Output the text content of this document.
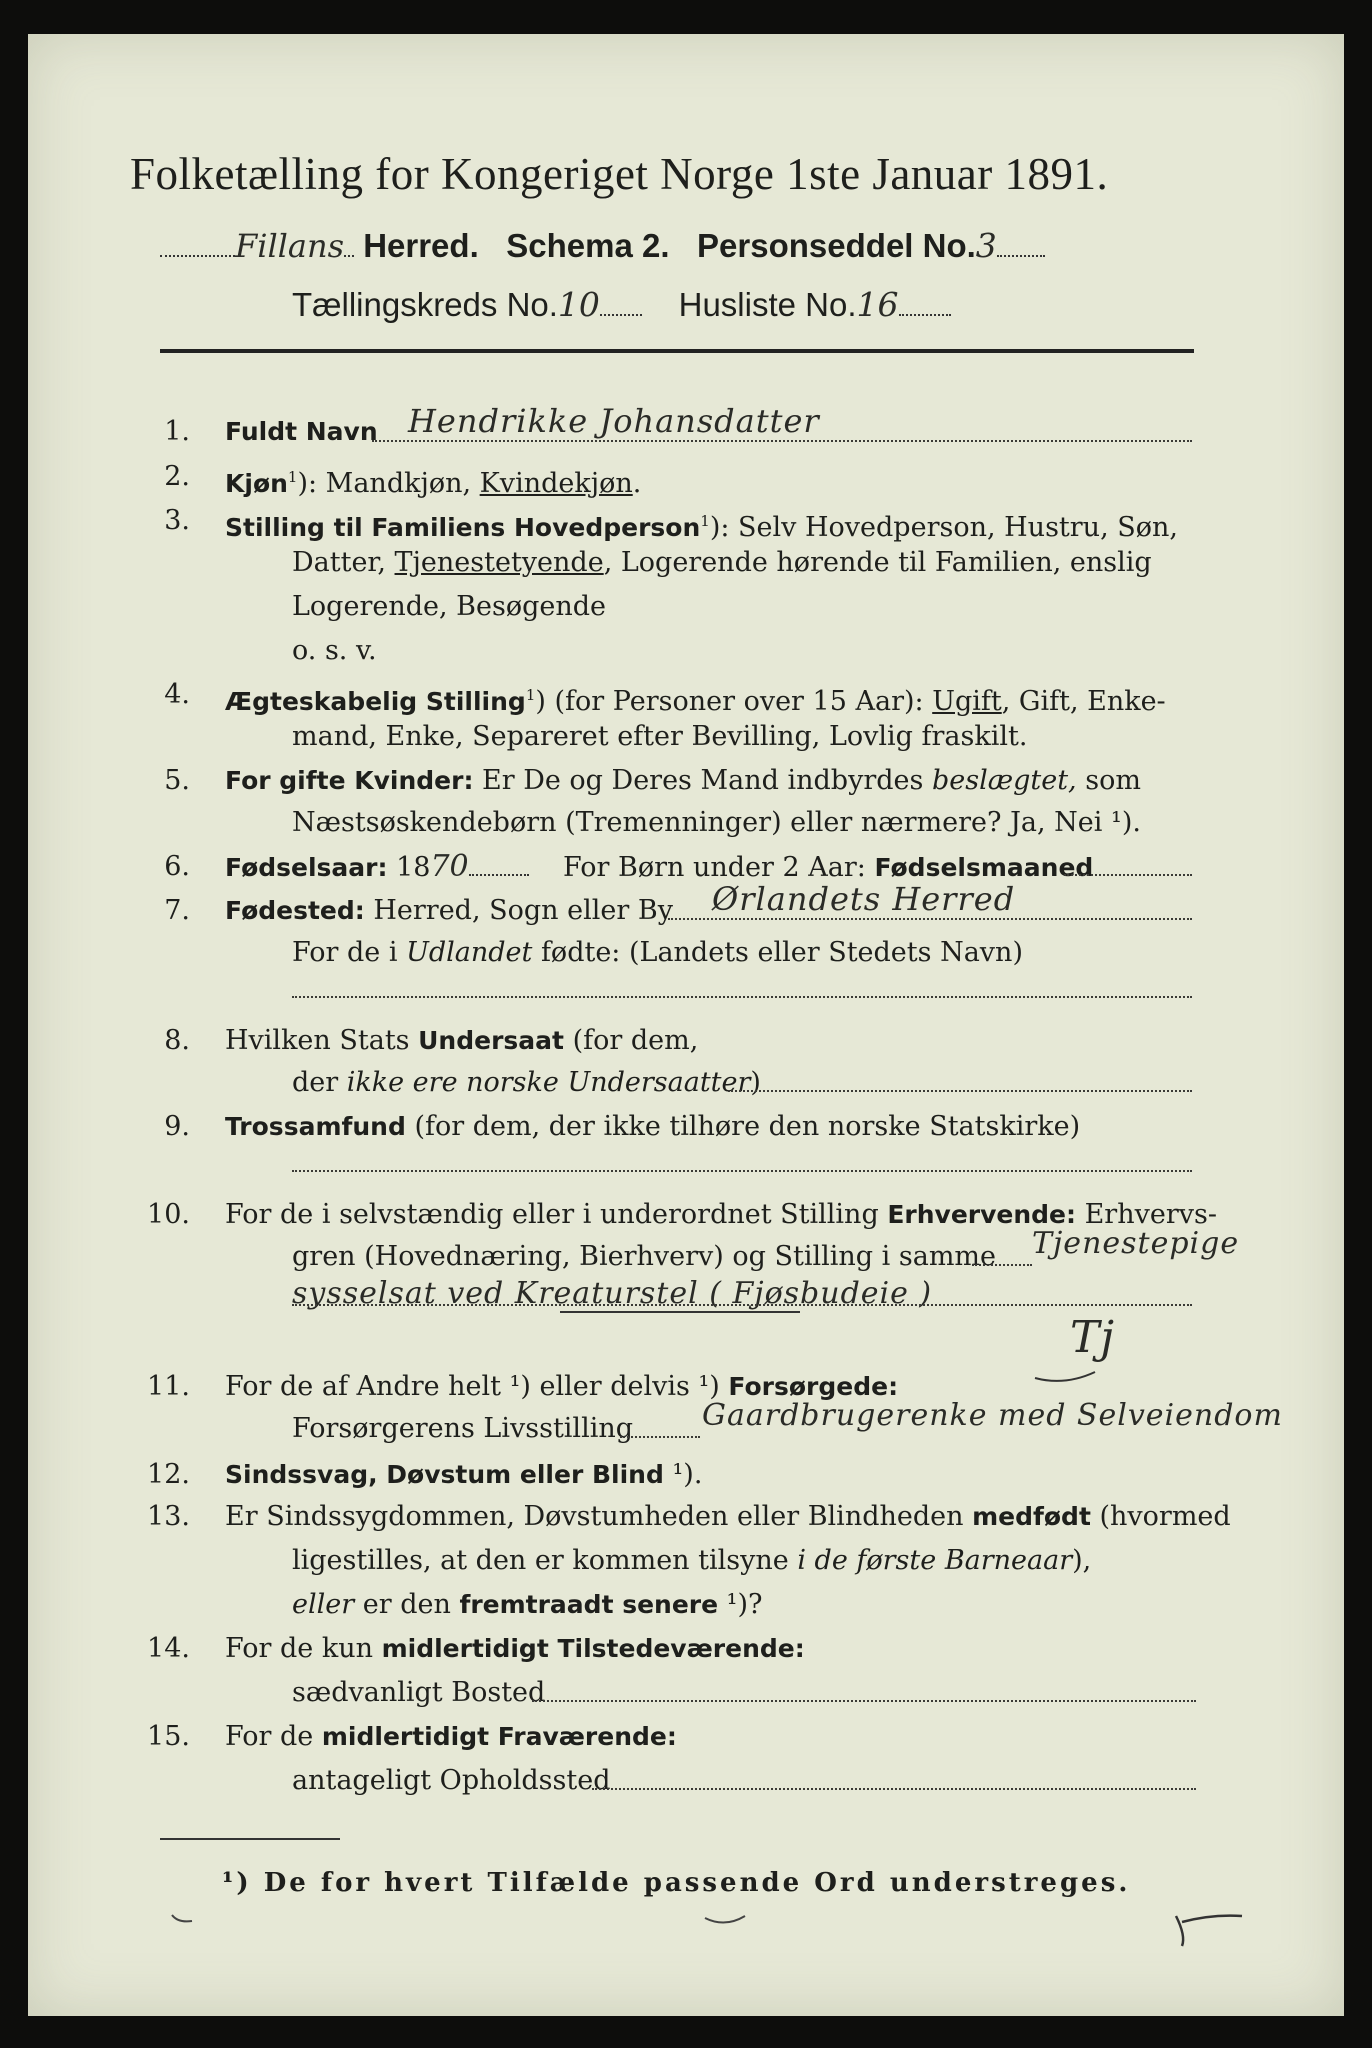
Folketælling for Kongeriget Norge 1ste Januar 1891.
Fillans Herred. Schema 2. Personseddel No.3
Tællingskreds No.10 Husliste No.16
1. Fuldt Navn Hendrikke Johansdatter
2. Kjøn$^1$): Mandkjøn, Kvindekjøn.
3. Stilling til Familiens Hovedperson$^1$): Selv Hovedperson, Hustru, Søn,
Datter, Tjenestetyende, Logerende hørende til Familien, enslig
Logerende, Besøgende
o. s. v.
4. Ægteskabelig Stilling$^1$) (for Personer over 15 Aar): Ugift, Gift, Enke-
mand, Enke, Separeret efter Bevilling, Lovlig fraskilt.
5. For gifte Kvinder: Er De og Deres Mand indbyrdes beslægtet, som
Næstsøskendebørn (Tremenninger) eller nærmere? Ja, Nei ¹).
6. Fødselsaar: 1870	For Børn under 2 Aar: Fødselsmaaned
7. Fødested: Herred, Sogn eller By Ørlandets Herred
For de i Udlandet fødte: (Landets eller Stedets Navn)
8. Hvilken Stats Undersaat (for dem,
der ikke ere norske Undersaatter)
9. Trossamfund (for dem, der ikke tilhøre den norske Statskirke)
10. For de i selvstændig eller i underordnet Stilling Erhvervende: Erhvervs-
gren (Hovednæring, Bierhverv) og Stilling i samme Tjenestepige
sysselsat ved Kreaturstel ( Fjøsbudeie )
Tj
11. For de af Andre helt ¹) eller delvis ¹) Forsørgede:
Forsørgerens Livsstilling Gaardbrugerenke med Selveiendom
12. Sindssvag, Døvstum eller Blind ¹).
13. Er Sindssygdommen, Døvstumheden eller Blindheden medfødt (hvormed
ligestilles, at den er kommen tilsyne i de første Barneaar),
eller er den fremtraadt senere ¹)?
14. For de kun midlertidigt Tilstedeværende:
sædvanligt Bosted
15. For de midlertidigt Fraværende:
antageligt Opholdssted
¹) De for hvert Tilfælde passende Ord understreges.
